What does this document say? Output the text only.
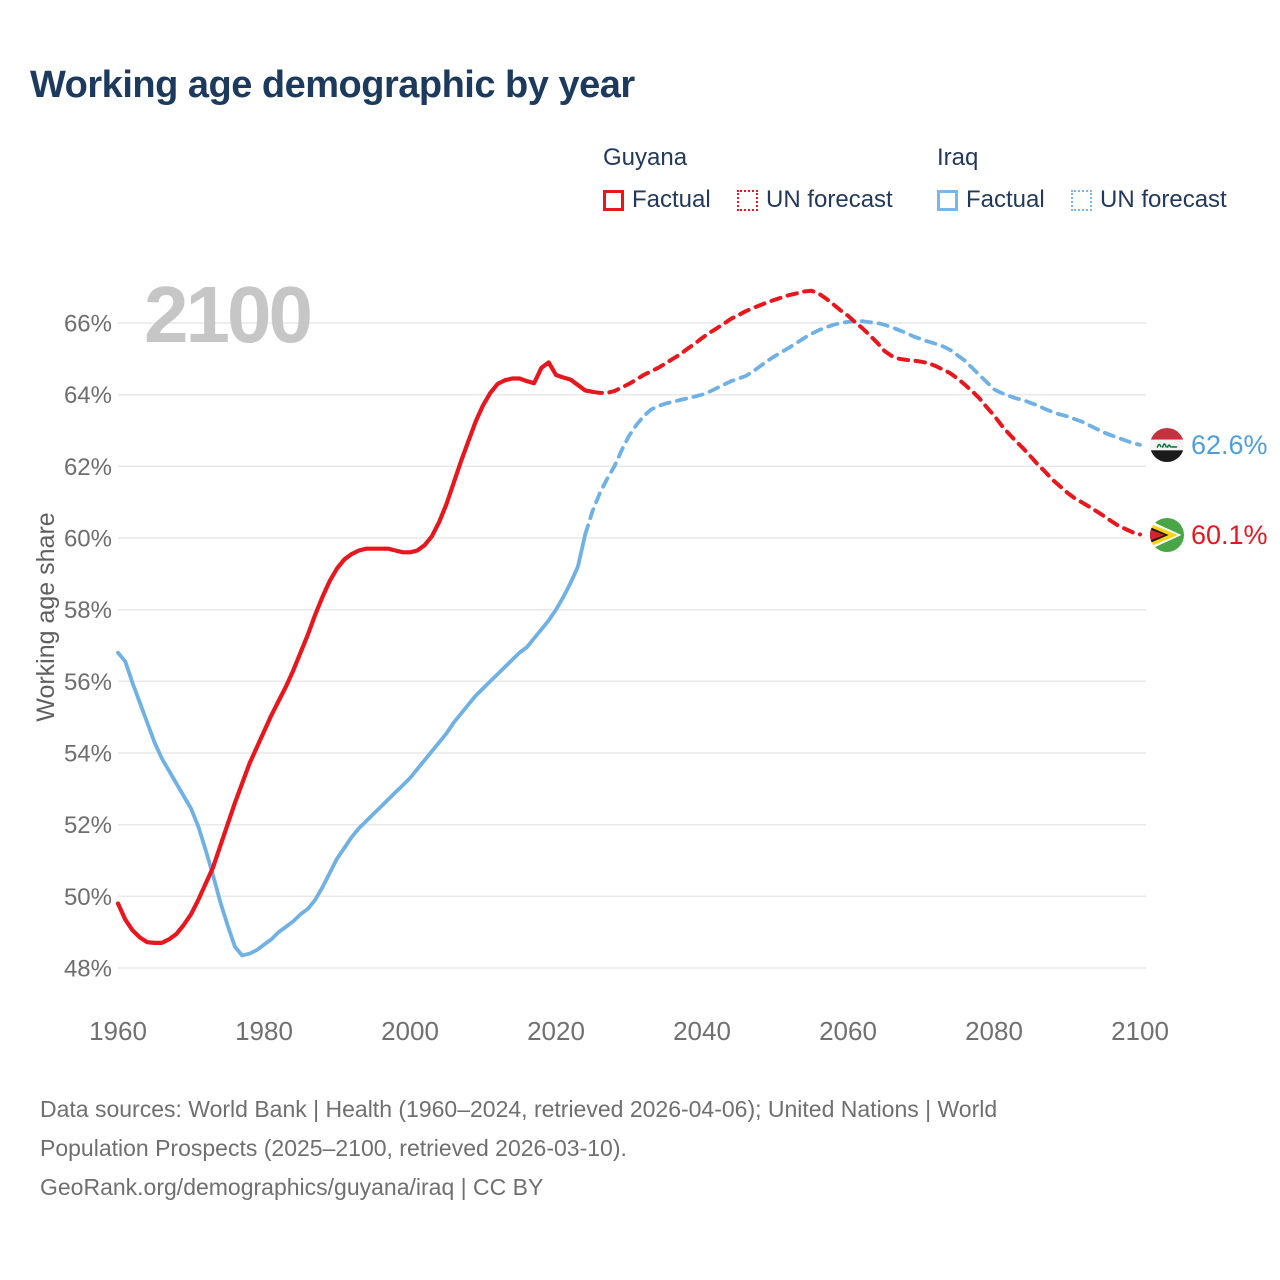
Working age demographic by year
Guyana	Iraq
Factual UN forecast	Factual UN forecast
48%
50%
52%
54%
56%
58%
60%
62%
64%
66%
1960	1980	2000	2020	2040	2060	2080	2100
2100
Working age share
62.6%
60.1%
Data sources: World Bank | Health (1960–2024, retrieved 2026-04-06); United Nations | World
Population Prospects (2025–2100, retrieved 2026-03-10).
GeoRank.org/demographics/guyana/iraq | CC BY
